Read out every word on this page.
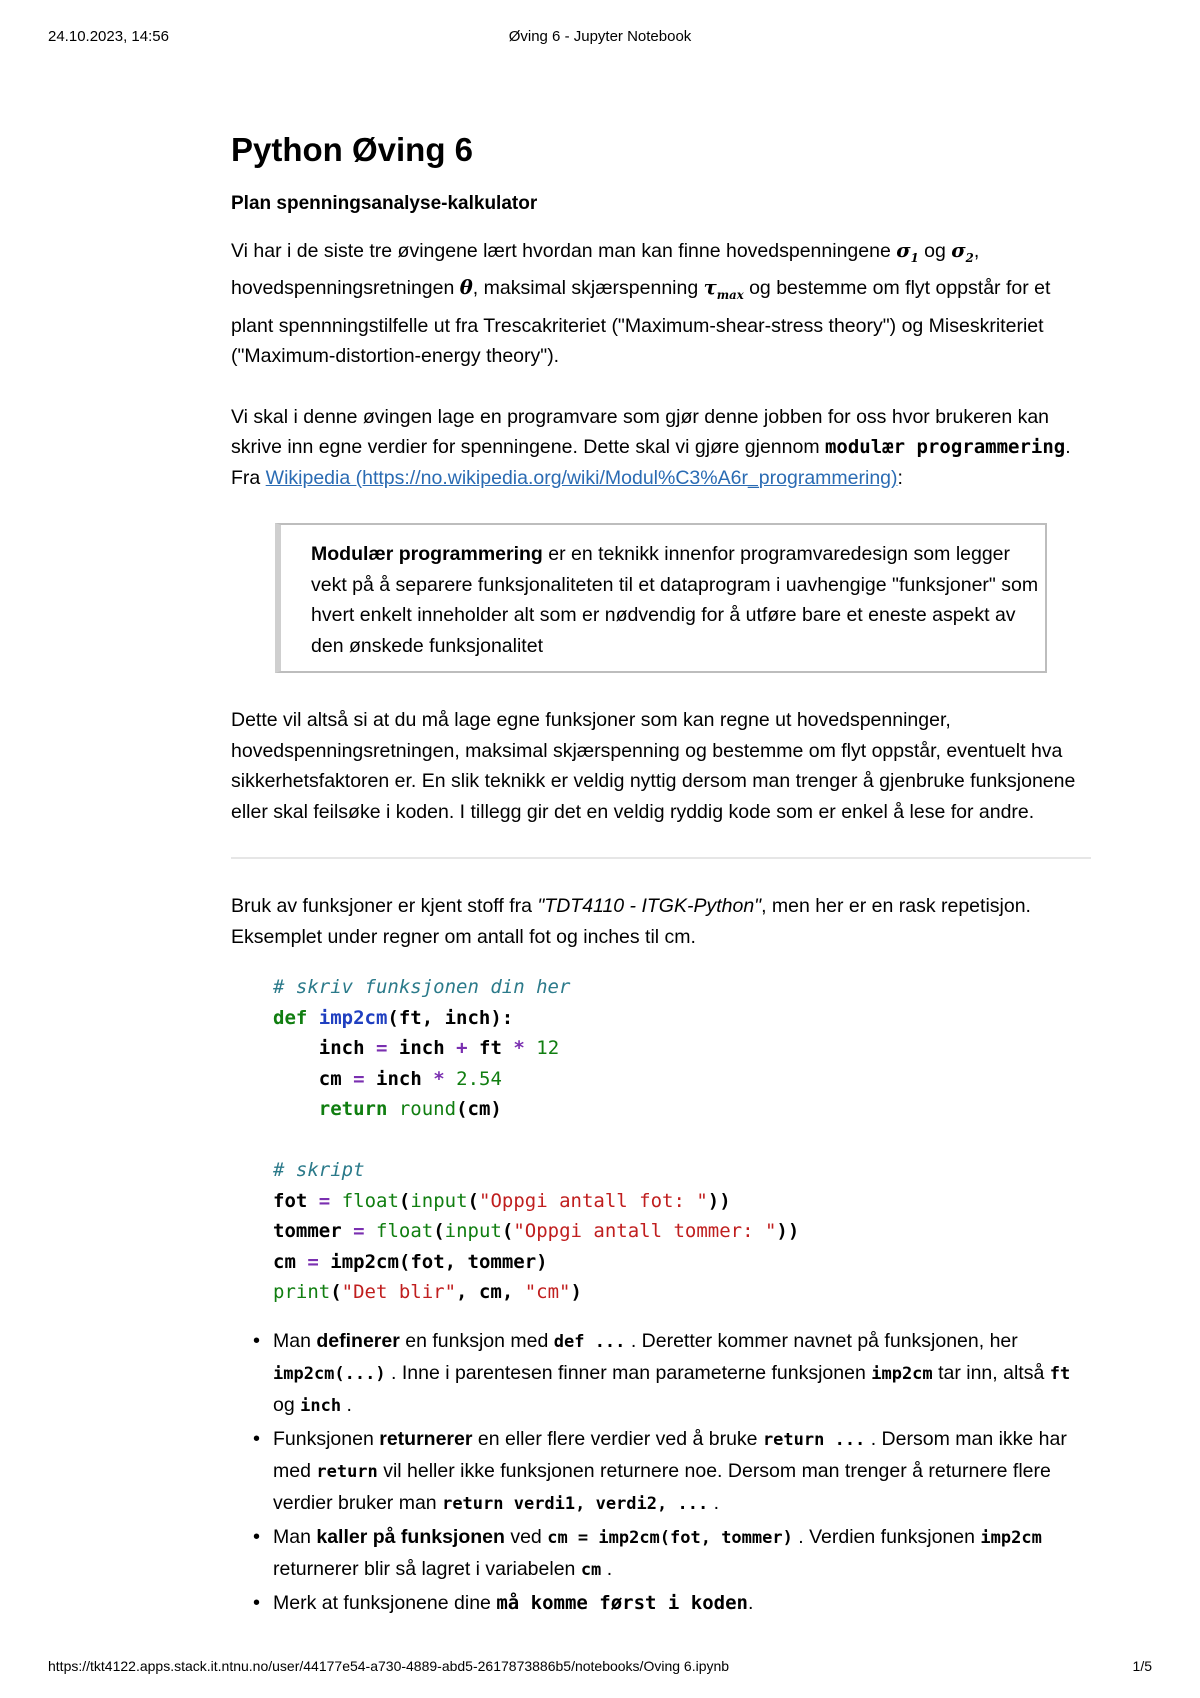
24.10.2023, 14:56	Øving 6 - Jupyter Notebook
Python Øving 6
Plan spenningsanalyse-kalkulator

Vi har i de siste tre øvingene lært hvordan man kan finne hovedspenningene $\sigma_1$ og $\sigma_2$, hovedspenningsretningen θ, maksimal skjærspenning $\tau_{max}$ og bestemme om flyt oppstår for et plant spennningstilfelle ut fra Trescakriteriet ("Maximum-shear-stress theory") og Miseskriteriet ("Maximum-distortion-energy theory").

Vi skal i denne øvingen lage en programvare som gjør denne jobben for oss hvor brukeren kan skrive inn egne verdier for spenningene. Dette skal vi gjøre gjennom modulær programmering. Fra Wikipedia (https://no.wikipedia.org/wiki/Modul%C3%A6r_programmering):

Modulær programmering er en teknikk innenfor programvaredesign som legger vekt på å separere funksjonaliteten til et dataprogram i uavhengige "funksjoner" som hvert enkelt inneholder alt som er nødvendig for å utføre bare et eneste aspekt av den ønskede funksjonalitet

Dette vil altså si at du må lage egne funksjoner som kan regne ut hovedspenninger, hovedspenningsretningen, maksimal skjærspenning og bestemme om flyt oppstår, eventuelt hva sikkerhetsfaktoren er. En slik teknikk er veldig nyttig dersom man trenger å gjenbruke funksjonene eller skal feilsøke i koden. I tillegg gir det en veldig ryddig kode som er enkel å lese for andre.

Bruk av funksjoner er kjent stoff fra "TDT4110 - ITGK-Python", men her er en rask repetisjon. Eksemplet under regner om antall fot og inches til cm.

# skriv funksjonen din her
def imp2cm(ft, inch):
inch = inch + ft * 12
cm = inch * 2.54
return round(cm)

# skript
fot = float(input("Oppgi antall fot: "))
tommer = float(input("Oppgi antall tommer: "))
cm = imp2cm(fot, tommer)
print("Det blir", cm, "cm")
• Man definerer en funksjon med def ... . Deretter kommer navnet på funksjonen, her imp2cm(...) . Inne i parentesen finner man parameterne funksjonen imp2cm tar inn, altså ft og inch .
• Funksjonen returnerer en eller flere verdier ved å bruke return ... . Dersom man ikke har med return vil heller ikke funksjonen returnere noe. Dersom man trenger å returnere flere verdier bruker man return verdi1, verdi2, ... .
• Man kaller på funksjonen ved cm = imp2cm(fot, tommer) . Verdien funksjonen imp2cm returnerer blir så lagret i variabelen cm .
• Merk at funksjonene dine må komme først i koden.
https://tkt4122.apps.stack.it.ntnu.no/user/44177e54-a730-4889-abd5-2617873886b5/notebooks/Oving 6.ipynb	1/5
